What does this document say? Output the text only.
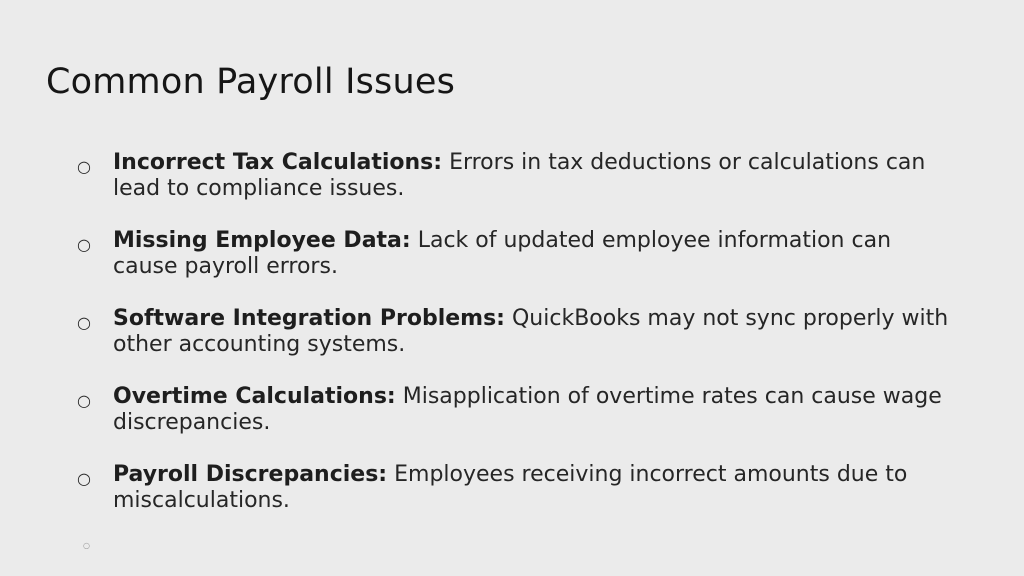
Common Payroll Issues
○ Incorrect Tax Calculations: Errors in tax deductions or calculations can lead to compliance issues.
○ Missing Employee Data: Lack of updated employee information can cause payroll errors.
○ Software Integration Problems: QuickBooks may not sync properly with other accounting systems.
○ Overtime Calculations: Misapplication of overtime rates can cause wage discrepancies.
○ Payroll Discrepancies: Employees receiving incorrect amounts due to miscalculations.
○
